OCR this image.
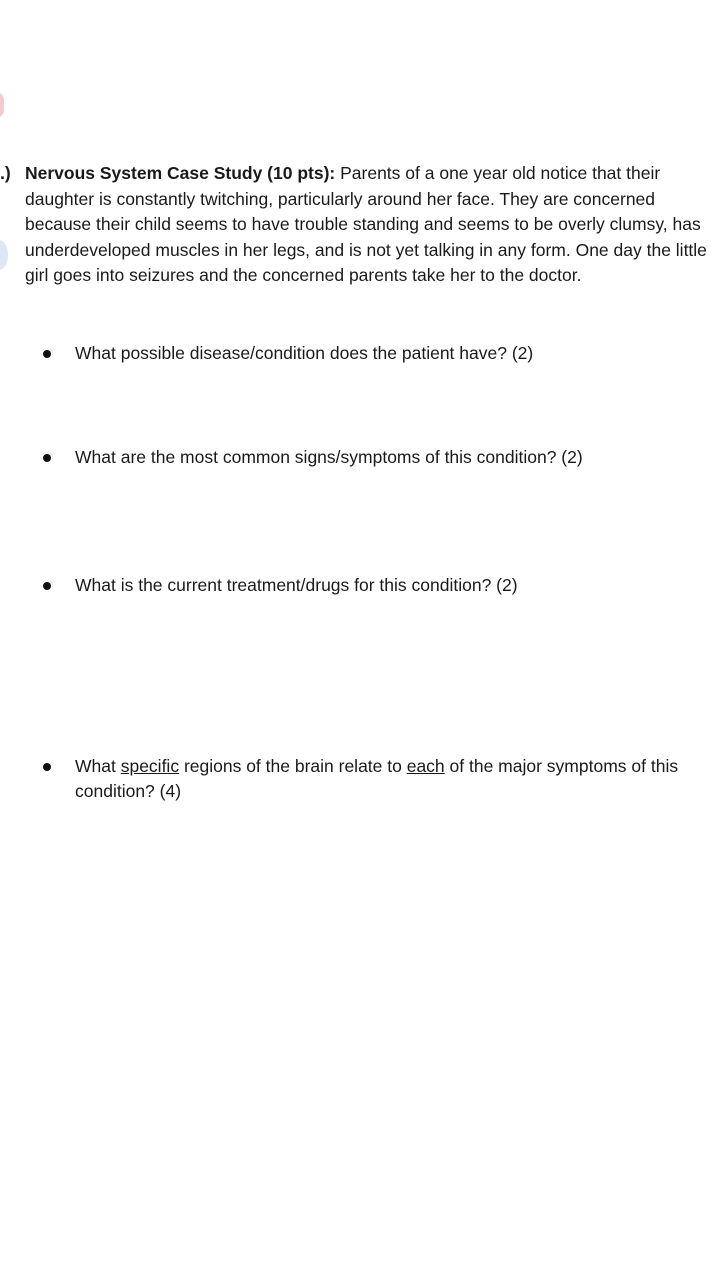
.) Nervous System Case Study (10 pts): Parents of a one year old notice that their daughter is constantly twitching, particularly around her face. They are concerned because their child seems to have trouble standing and seems to be overly clumsy, has underdeveloped muscles in her legs, and is not yet talking in any form. One day the little girl goes into seizures and the concerned parents take her to the doctor.
What possible disease/condition does the patient have? (2)
What are the most common signs/symptoms of this condition? (2)
What is the current treatment/drugs for this condition? (2)
What specific regions of the brain relate to each of the major symptoms of this condition? (4)
